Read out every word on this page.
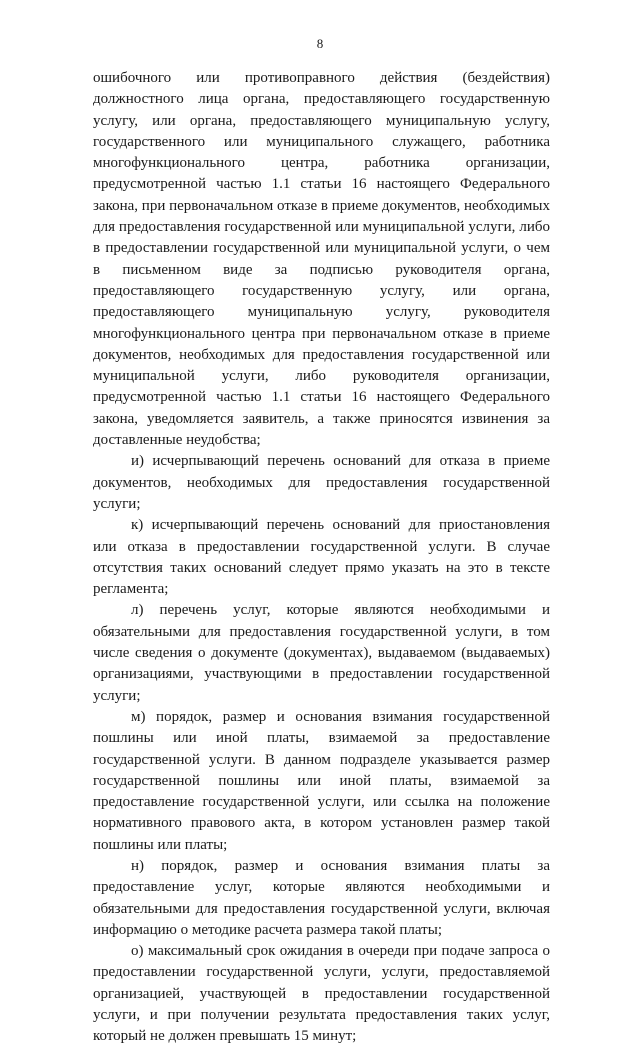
8

ошибочного или противоправного действия (бездействия) должностного лица органа, предоставляющего государственную услугу, или органа, предоставляющего муниципальную услугу, государственного или муниципального служащего, работника многофункционального центра, работника организации, предусмотренной частью 1.1 статьи 16 настоящего Федерального закона, при первоначальном отказе в приеме документов, необходимых для предоставления государственной или муниципальной услуги, либо в предоставлении государственной или муниципальной услуги, о чем в письменном виде за подписью руководителя органа, предоставляющего государственную услугу, или органа, предоставляющего муниципальную услугу, руководителя многофункционального центра при первоначальном отказе в приеме документов, необходимых для предоставления государственной или муниципальной услуги, либо руководителя организации, предусмотренной частью 1.1 статьи 16 настоящего Федерального закона, уведомляется заявитель, а также приносятся извинения за доставленные неудобства;

и) исчерпывающий перечень оснований для отказа в приеме документов, необходимых для предоставления государственной услуги;

к) исчерпывающий перечень оснований для приостановления или отказа в предоставлении государственной услуги. В случае отсутствия таких оснований следует прямо указать на это в тексте регламента;

л) перечень услуг, которые являются необходимыми и обязательными для предоставления государственной услуги, в том числе сведения о документе (документах), выдаваемом (выдаваемых) организациями, участвующими в предоставлении государственной услуги;

м) порядок, размер и основания взимания государственной пошлины или иной платы, взимаемой за предоставление государственной услуги. В данном подразделе указывается размер государственной пошлины или иной платы, взимаемой за предоставление государственной услуги, или ссылка на положение нормативного правового акта, в котором установлен размер такой пошлины или платы;

н) порядок, размер и основания взимания платы за предоставление услуг, которые являются необходимыми и обязательными для предоставления государственной услуги, включая информацию о методике расчета размера такой платы;

о) максимальный срок ожидания в очереди при подаче запроса о предоставлении государственной услуги, услуги, предоставляемой организацией, участвующей в предоставлении государственной услуги, и при получении результата предоставления таких услуг, который не должен превышать 15 минут;
